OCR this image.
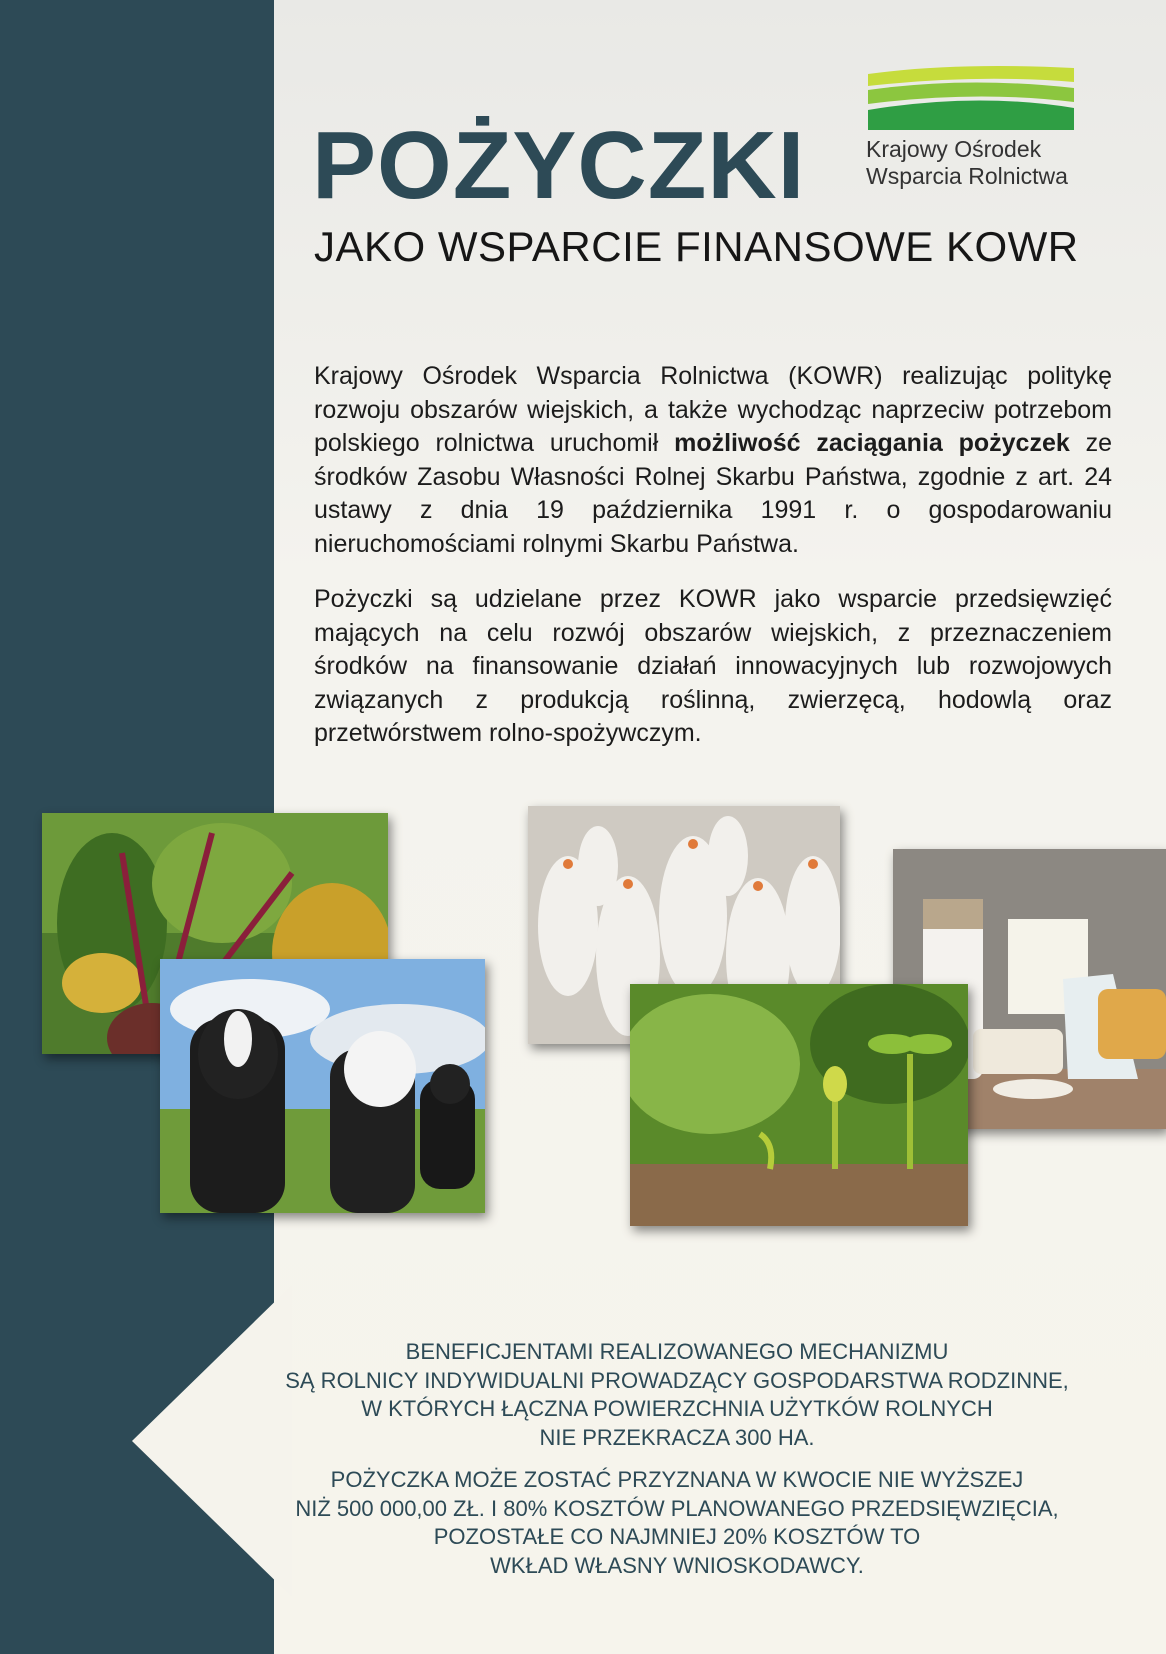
POŻYCZKI
JAKO WSPARCIE FINANSOWE KOWR
Krajowy Ośrodek
Wsparcia Rolnictwa

Krajowy Ośrodek Wsparcia Rolnictwa (KOWR) realizując politykę rozwoju obszarów wiejskich, a także wychodząc naprzeciw potrzebom polskiego rolnictwa uruchomił możliwość zaciągania pożyczek ze środków Zasobu Własności Rolnej Skarbu Państwa, zgodnie z art. 24 ustawy z dnia 19 października 1991 r. o gospodarowaniu nieruchomościami rolnymi Skarbu Państwa.

Pożyczki są udzielane przez KOWR jako wsparcie przedsięwzięć mających na celu rozwój obszarów wiejskich, z przeznaczeniem środków na finansowanie działań innowacyjnych lub rozwojowych związanych z produkcją roślinną, zwierzęcą, hodowlą oraz przetwórstwem rolno-spożywczym.

BENEFICJENTAMI REALIZOWANEGO MECHANIZMU
SĄ ROLNICY INDYWIDUALNI PROWADZĄCY GOSPODARSTWA RODZINNE,
W KTÓRYCH ŁĄCZNA POWIERZCHNIA UŻYTKÓW ROLNYCH
NIE PRZEKRACZA 300 HA.
POŻYCZKA MOŻE ZOSTAĆ PRZYZNANA W KWOCIE NIE WYŻSZEJ
NIŻ 500 000,00 ZŁ. I 80% KOSZTÓW PLANOWANEGO PRZEDSIĘWZIĘCIA,
POZOSTAŁE CO NAJMNIEJ 20% KOSZTÓW TO
WKŁAD WŁASNY WNIOSKODAWCY.
